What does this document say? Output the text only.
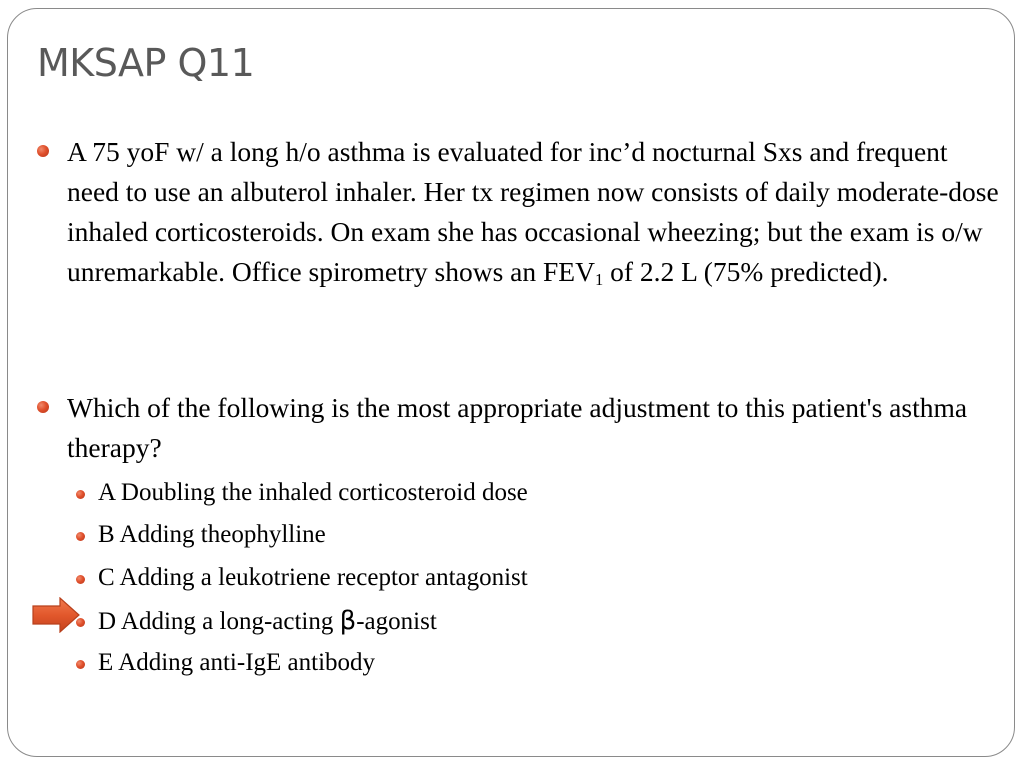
MKSAP Q11
A 75 yoF w/ a long h/o asthma is evaluated for inc’d nocturnal Sxs and frequent need to use an albuterol inhaler. Her tx regimen now consists of daily moderate-dose inhaled corticosteroids. On exam she has occasional wheezing; but the exam is o/w unremarkable. Office spirometry shows an $FEV_1$ of 2.2 L (75% predicted).
Which of the following is the most appropriate adjustment to this patient's asthma therapy?
A Doubling the inhaled corticosteroid dose
B Adding theophylline
C Adding a leukotriene receptor antagonist
D Adding a long-acting β-agonist
E Adding anti-IgE antibody
